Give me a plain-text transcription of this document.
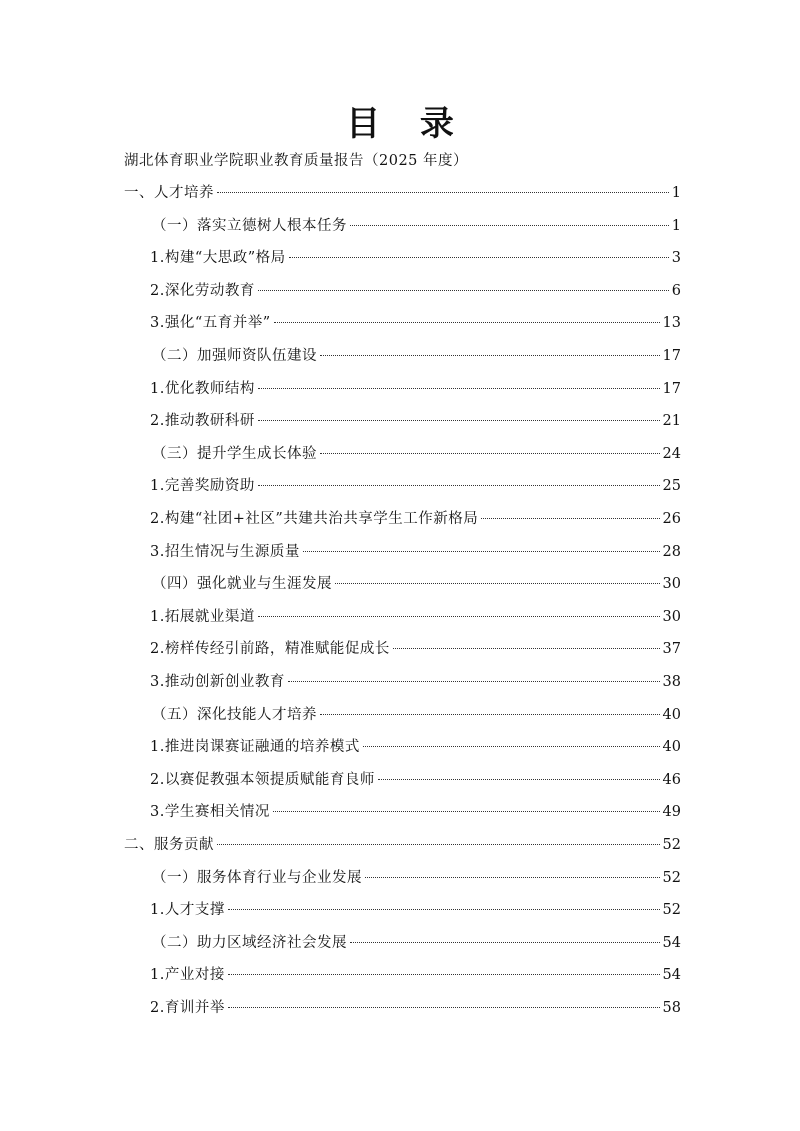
目 录
湖北体育职业学院职业教育质量报告（2025 年度）
一、人才培养	1
（一）落实立德树人根本任务	1
1.构建“大思政”格局	3
2.深化劳动教育	6
3.强化“五育并举”	13
（二）加强师资队伍建设	17
1.优化教师结构	17
2.推动教研科研	21
（三）提升学生成长体验	24
1.完善奖励资助	25
2.构建“社团+社区”共建共治共享学生工作新格局	26
3.招生情况与生源质量	28
（四）强化就业与生涯发展	30
1.拓展就业渠道	30
2.榜样传经引前路，精准赋能促成长	37
3.推动创新创业教育	38
（五）深化技能人才培养	40
1.推进岗课赛证融通的培养模式	40
2.以赛促教强本领提质赋能育良师	46
3.学生赛相关情况	49
二、服务贡献	52
（一）服务体育行业与企业发展	52
1.人才支撑	52
（二）助力区域经济社会发展	54
1.产业对接	54
2.育训并举	58
